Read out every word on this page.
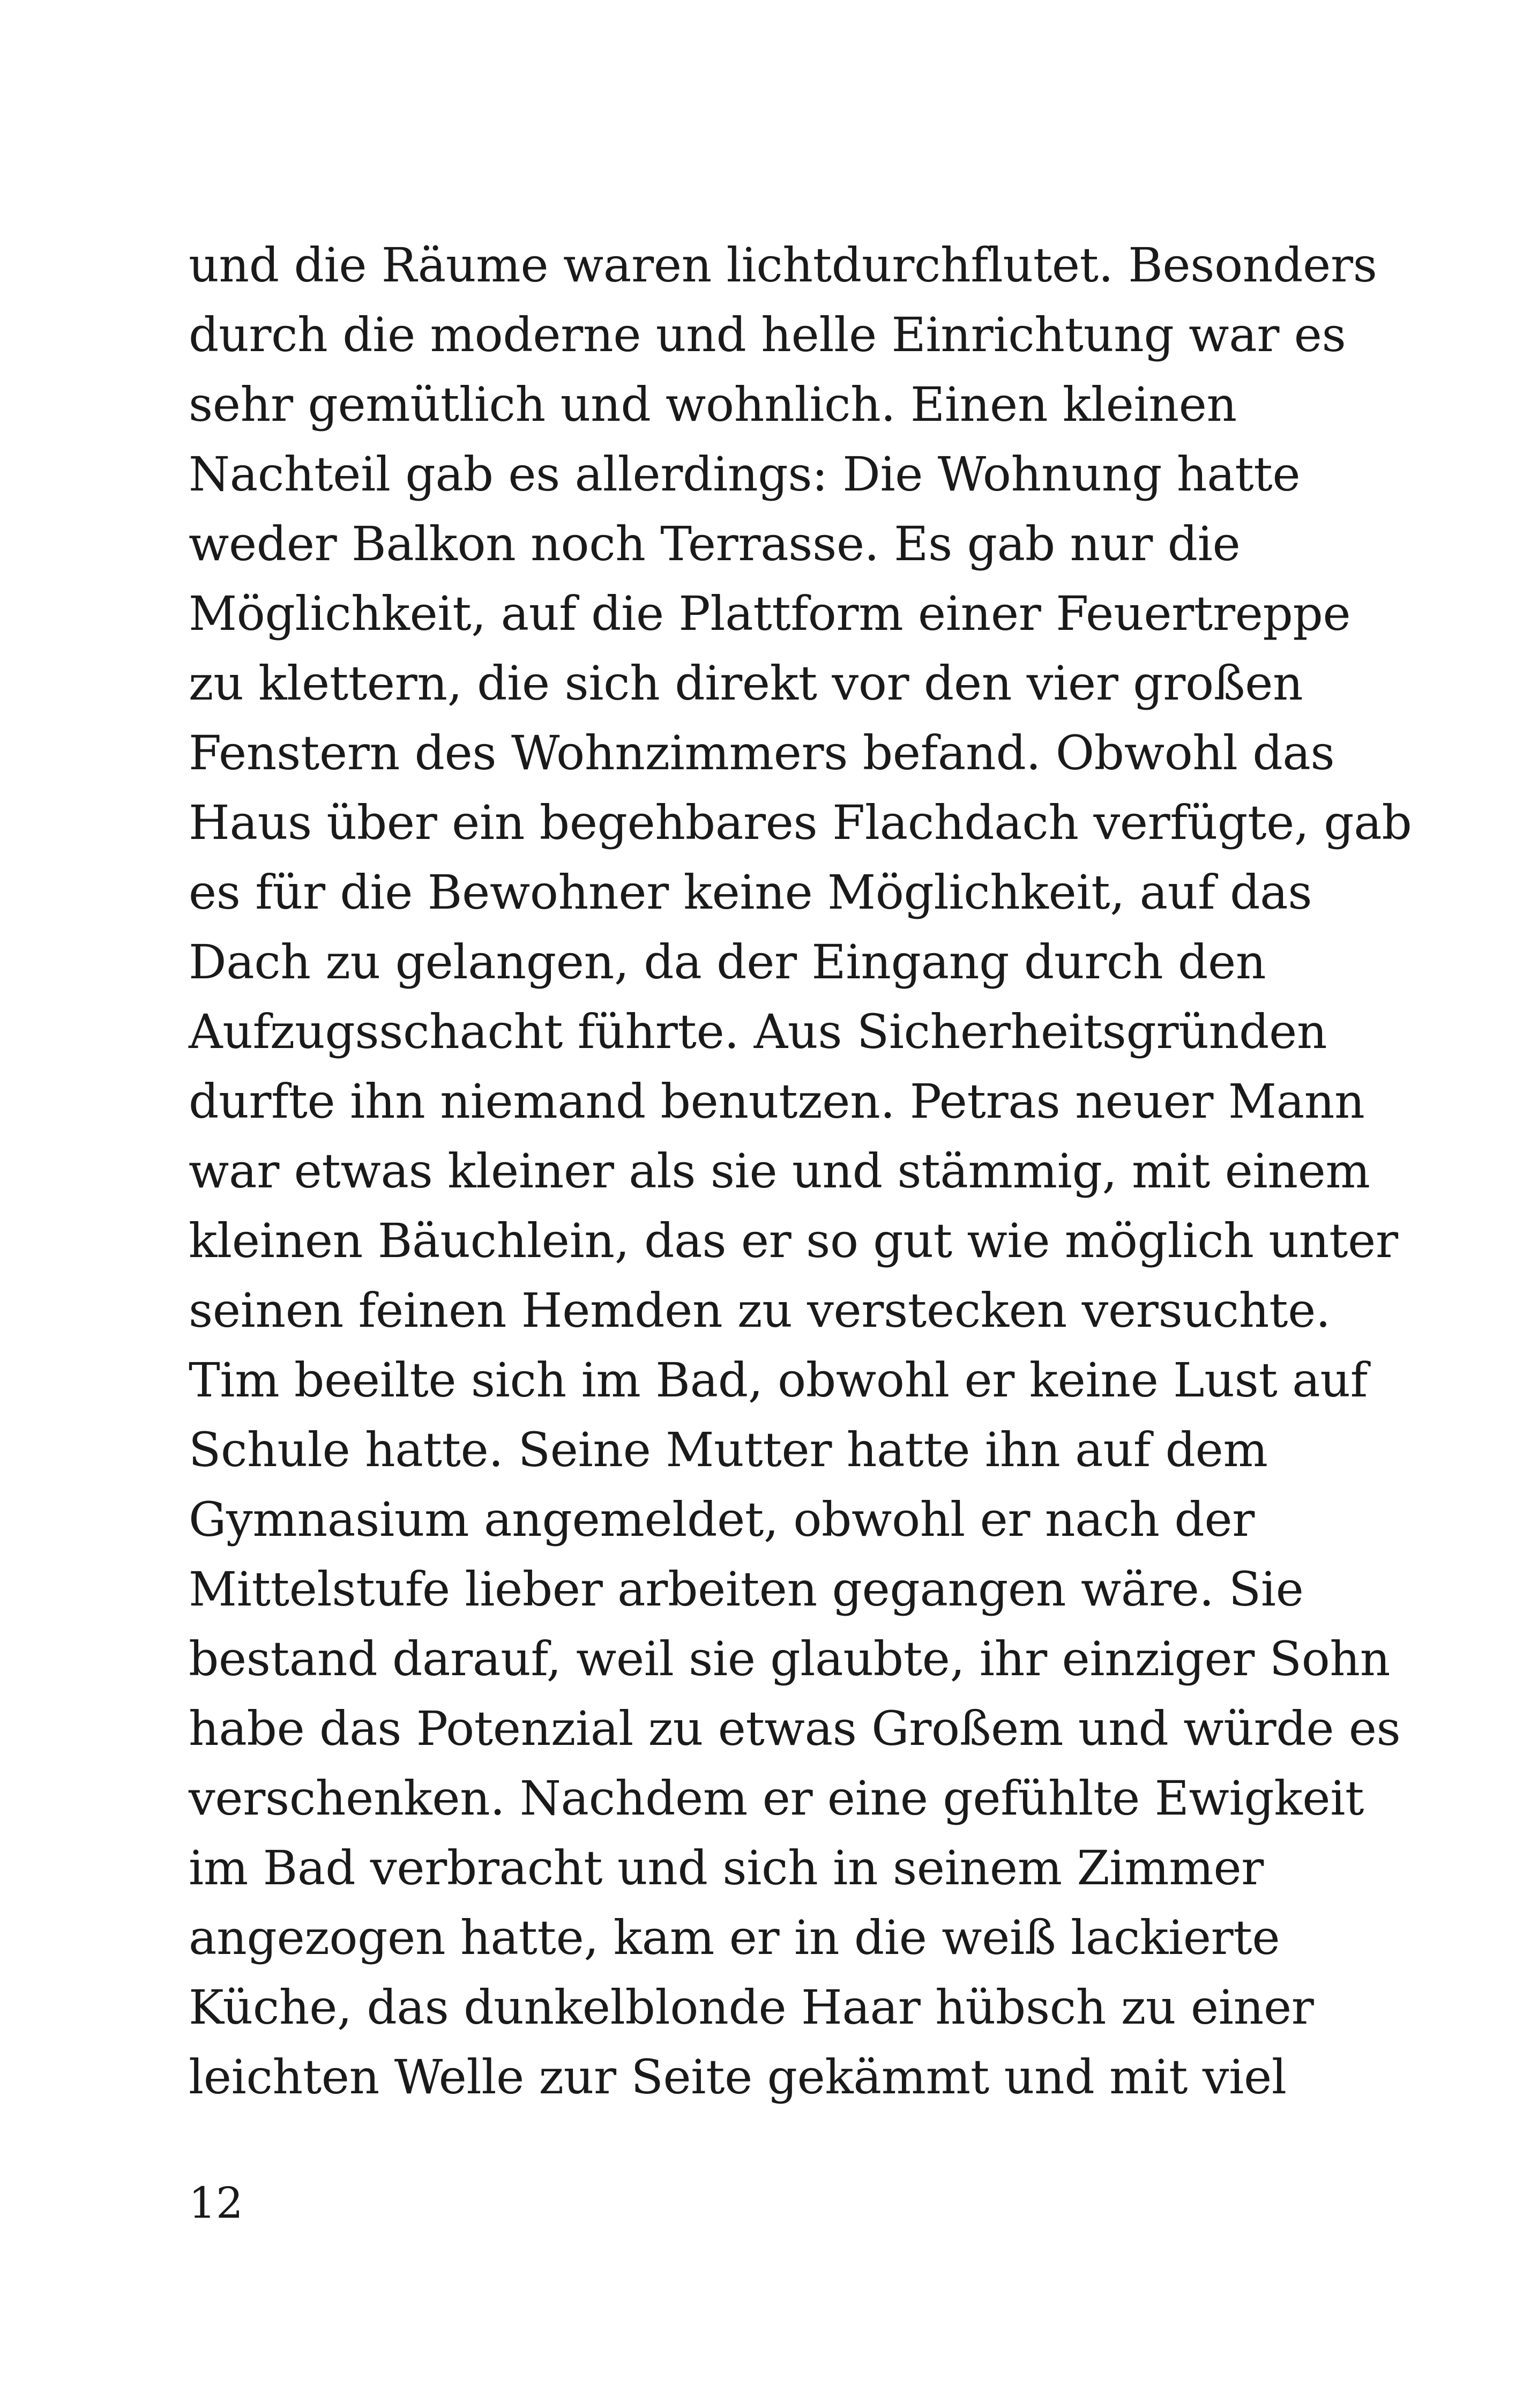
und die Räume waren lichtdurchflutet. Besonders
durch die moderne und helle Einrichtung war es
sehr gemütlich und wohnlich. Einen kleinen
Nachteil gab es allerdings: Die Wohnung hatte
weder Balkon noch Terrasse. Es gab nur die
Möglichkeit, auf die Plattform einer Feuertreppe
zu klettern, die sich direkt vor den vier großen
Fenstern des Wohnzimmers befand. Obwohl das
Haus über ein begehbares Flachdach verfügte, gab
es für die Bewohner keine Möglichkeit, auf das
Dach zu gelangen, da der Eingang durch den
Aufzugsschacht führte. Aus Sicherheitsgründen
durfte ihn niemand benutzen. Petras neuer Mann
war etwas kleiner als sie und stämmig, mit einem
kleinen Bäuchlein, das er so gut wie möglich unter
seinen feinen Hemden zu verstecken versuchte.
Tim beeilte sich im Bad, obwohl er keine Lust auf
Schule hatte. Seine Mutter hatte ihn auf dem
Gymnasium angemeldet, obwohl er nach der
Mittelstufe lieber arbeiten gegangen wäre. Sie
bestand darauf, weil sie glaubte, ihr einziger Sohn
habe das Potenzial zu etwas Großem und würde es
verschenken. Nachdem er eine gefühlte Ewigkeit
im Bad verbracht und sich in seinem Zimmer
angezogen hatte, kam er in die weiß lackierte
Küche, das dunkelblonde Haar hübsch zu einer
leichten Welle zur Seite gekämmt und mit viel
12
